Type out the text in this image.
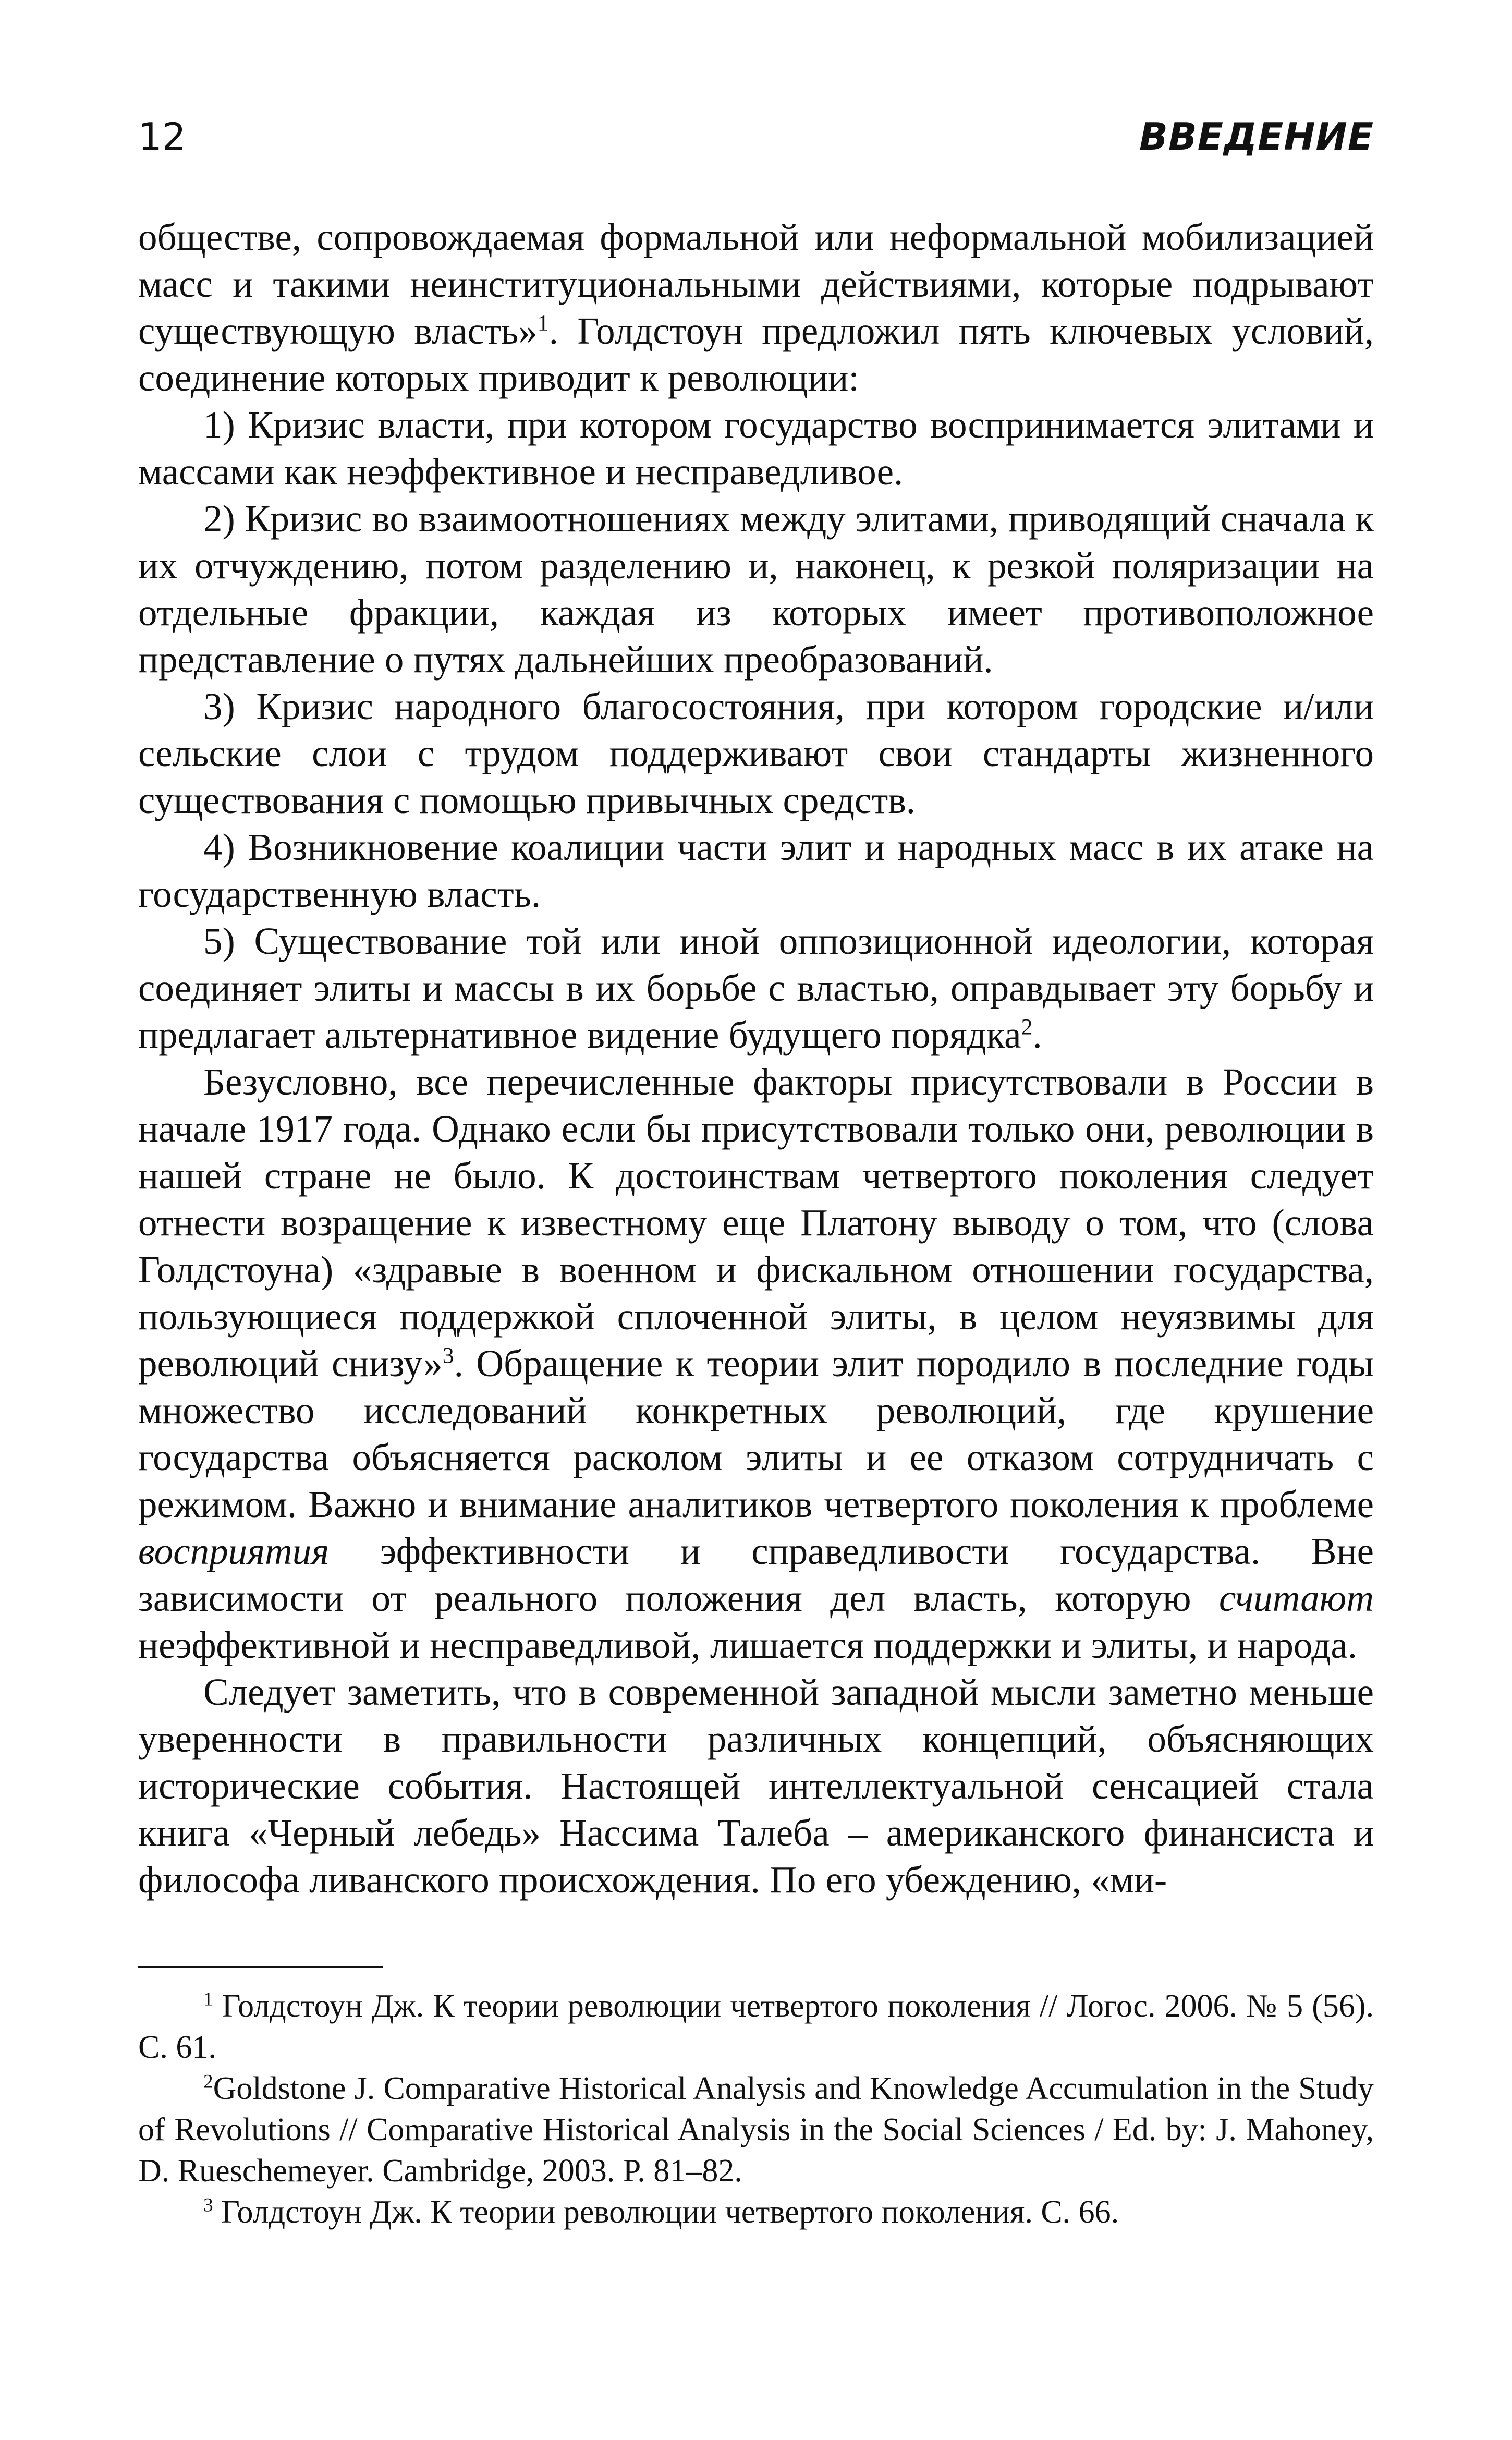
12	ВВЕДЕНИЕ

обществе, сопровождаемая формальной или неформальной мобилизацией масс и такими неинституциональными действиями, которые подрывают существующую власть»$^1$. Голдстоун предложил пять ключевых условий, соединение которых приводит к революции:

1) Кризис власти, при котором государство воспринимается элитами и массами как неэффективное и несправедливое.

2) Кризис во взаимоотношениях между элитами, приводящий сначала к их отчуждению, потом разделению и, наконец, к резкой поляризации на отдельные фракции, каждая из которых имеет противоположное представление о путях дальнейших преобразований.

3) Кризис народного благосостояния, при котором городские и/или сельские слои с трудом поддерживают свои стандарты жизненного существования с помощью привычных средств.

4) Возникновение коалиции части элит и народных масс в их атаке на государственную власть.

5) Существование той или иной оппозиционной идеологии, которая соединяет элиты и массы в их борьбе с властью, оправдывает эту борьбу и предлагает альтернативное видение будущего порядка$^2$.

Безусловно, все перечисленные факторы присутствовали в России в начале 1917 года. Однако если бы присутствовали только они, революции в нашей стране не было. К достоинствам четвертого поколения следует отнести возращение к известному еще Платону выводу о том, что (слова Голдстоуна) «здравые в военном и фискальном отношении государства, пользующиеся поддержкой сплоченной элиты, в целом неуязвимы для революций снизу»$^3$. Обращение к теории элит породило в последние годы множество исследований конкретных революций, где крушение государства объясняется расколом элиты и ее отказом сотрудничать с режимом. Важно и внимание аналитиков четвертого поколения к проблеме восприятия эффективности и справедливости государства. Вне зависимости от реального положения дел власть, которую считают неэффективной и несправедливой, лишается поддержки и элиты, и народа.

Следует заметить, что в современной западной мысли заметно меньше уверенности в правильности различных концепций, объясняющих исторические события. Настоящей интеллектуальной сенсацией стала книга «Черный лебедь» Нассима Талеба – американского финансиста и философа ливанского происхождения. По его убеждению, «ми-

$^1$ Голдстоун Дж. К теории революции четвертого поколения // Логос. 2006. № 5 (56). С. 61.

$^2$Goldstone J. Comparative Historical Analysis and Knowledge Accumulation in the Study of Revolutions // Comparative Historical Analysis in the Social Sciences / Ed. by: J. Mahoney, D. Rueschemeyer. Cambridge, 2003. P. 81–82.

$^3$ Голдстоун Дж. К теории революции четвертого поколения. С. 66.
